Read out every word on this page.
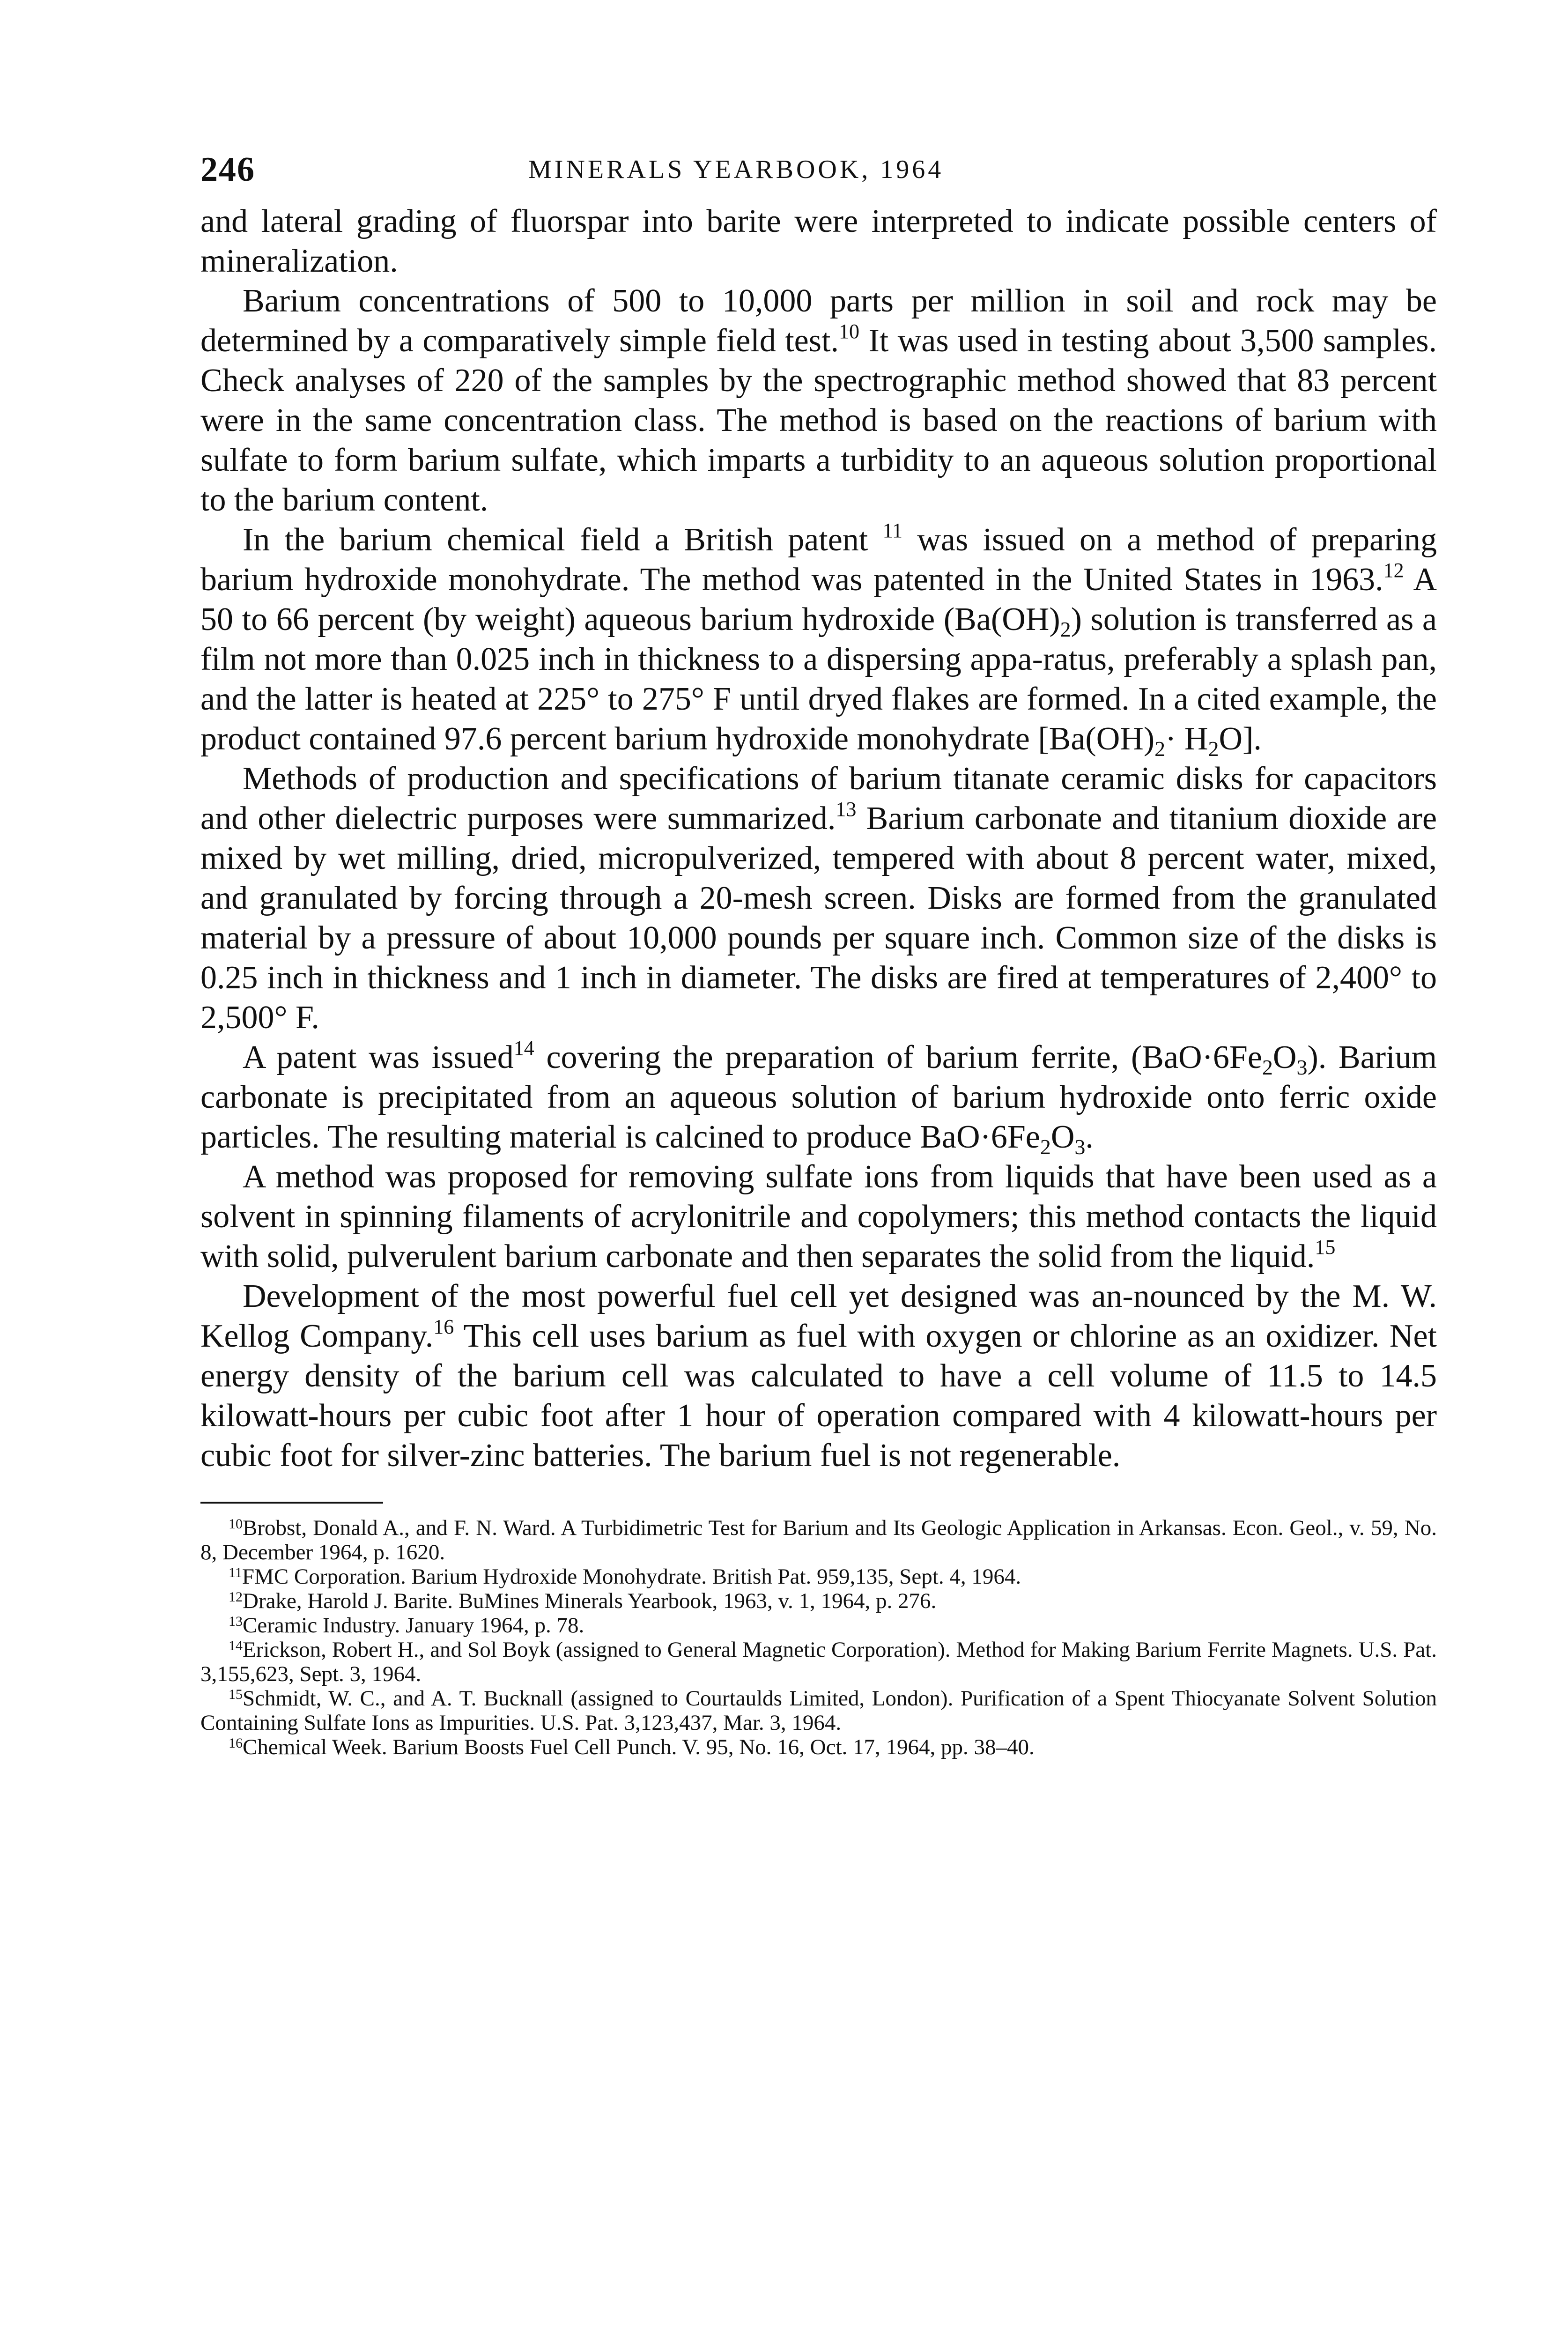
246	MINERALS YEARBOOK, 1964

and lateral grading of fluorspar into barite were interpreted to indicate possible centers of mineralization.

Barium concentrations of 500 to 10,000 parts per million in soil and rock may be determined by a comparatively simple field test.$^{10}$ It was used in testing about 3,500 samples. Check analyses of 220 of the samples by the spectrographic method showed that 83 percent were in the same concentration class. The method is based on the reactions of barium with sulfate to form barium sulfate, which imparts a turbidity to an aqueous solution proportional to the barium content.

In the barium chemical field a British patent $^{11}$ was issued on a method of preparing barium hydroxide monohydrate. The method was patented in the United States in 1963.12 A 50 to 66 percent (by weight) aqueous barium hydroxide $(Ba(OH)_2)$ solution is transferred as a film not more than 0.025 inch in thickness to a dispersing appa-ratus, preferably a splash pan, and the latter is heated at 225° to 275° F until dryed flakes are formed. In a cited example, the product contained 97.6 percent barium hydroxide monohydrate $[Ba(OH)_2\cdot H_2O]$.

Methods of production and specifications of barium titanate ceramic disks for capacitors and other dielectric purposes were summarized.$^{13}$ Barium carbonate and titanium dioxide are mixed by wet milling, dried, micropulverized, tempered with about 8 percent water, mixed, and granulated by forcing through a 20-mesh screen. Disks are formed from the granulated material by a pressure of about 10,000 pounds per square inch. Common size of the disks is 0.25 inch in thickness and 1 inch in diameter. The disks are fired at temperatures of 2,400° to 2,500° F.

A patent was issued$^{14}$ covering the preparation of barium ferrite, $(BaO\cdot 6Fe_2O_3)$. Barium carbonate is precipitated from an aqueous solution of barium hydroxide onto ferric oxide particles. The resulting material is calcined to produce $BaO\cdot 6Fe_2O_3$.

A method was proposed for removing sulfate ions from liquids that have been used as a solvent in spinning filaments of acrylonitrile and copolymers; this method contacts the liquid with solid, pulverulent barium carbonate and then separates the solid from the liquid.$^{15}$

Development of the most powerful fuel cell yet designed was an-nounced by the M. W. Kellog Company.$^{16}$ This cell uses barium as fuel with oxygen or chlorine as an oxidizer. Net energy density of the barium cell was calculated to have a cell volume of 11.5 to 14.5 kilowatt-hours per cubic foot after 1 hour of operation compared with 4 kilowatt-hours per cubic foot for silver-zinc batteries. The barium fuel is not regenerable.

$^{10}$Brobst, Donald A., and F. N. Ward. A Turbidimetric Test for Barium and Its Geologic Application in Arkansas. Econ. Geol., v. 59, No. 8, December 1964, p. 1620.

$^{11}$FMC Corporation. Barium Hydroxide Monohydrate. British Pat. 959,135, Sept. 4, 1964.

$^{12}$Drake, Harold J. Barite. BuMines Minerals Yearbook, 1963, v. 1, 1964, p. 276.

$^{13}$Ceramic Industry. January 1964, p. 78.

$^{14}$Erickson, Robert H., and Sol Boyk (assigned to General Magnetic Corporation). Method for Making Barium Ferrite Magnets. U.S. Pat. 3,155,623, Sept. 3, 1964.

$^{15}$Schmidt, W. C., and A. T. Bucknall (assigned to Courtaulds Limited, London). Purification of a Spent Thiocyanate Solvent Solution Containing Sulfate Ions as Impurities. U.S. Pat. 3,123,437, Mar. 3, 1964.

$^{16}$Chemical Week. Barium Boosts Fuel Cell Punch. V. 95, No. 16, Oct. 17, 1964, pp. 38–40.
